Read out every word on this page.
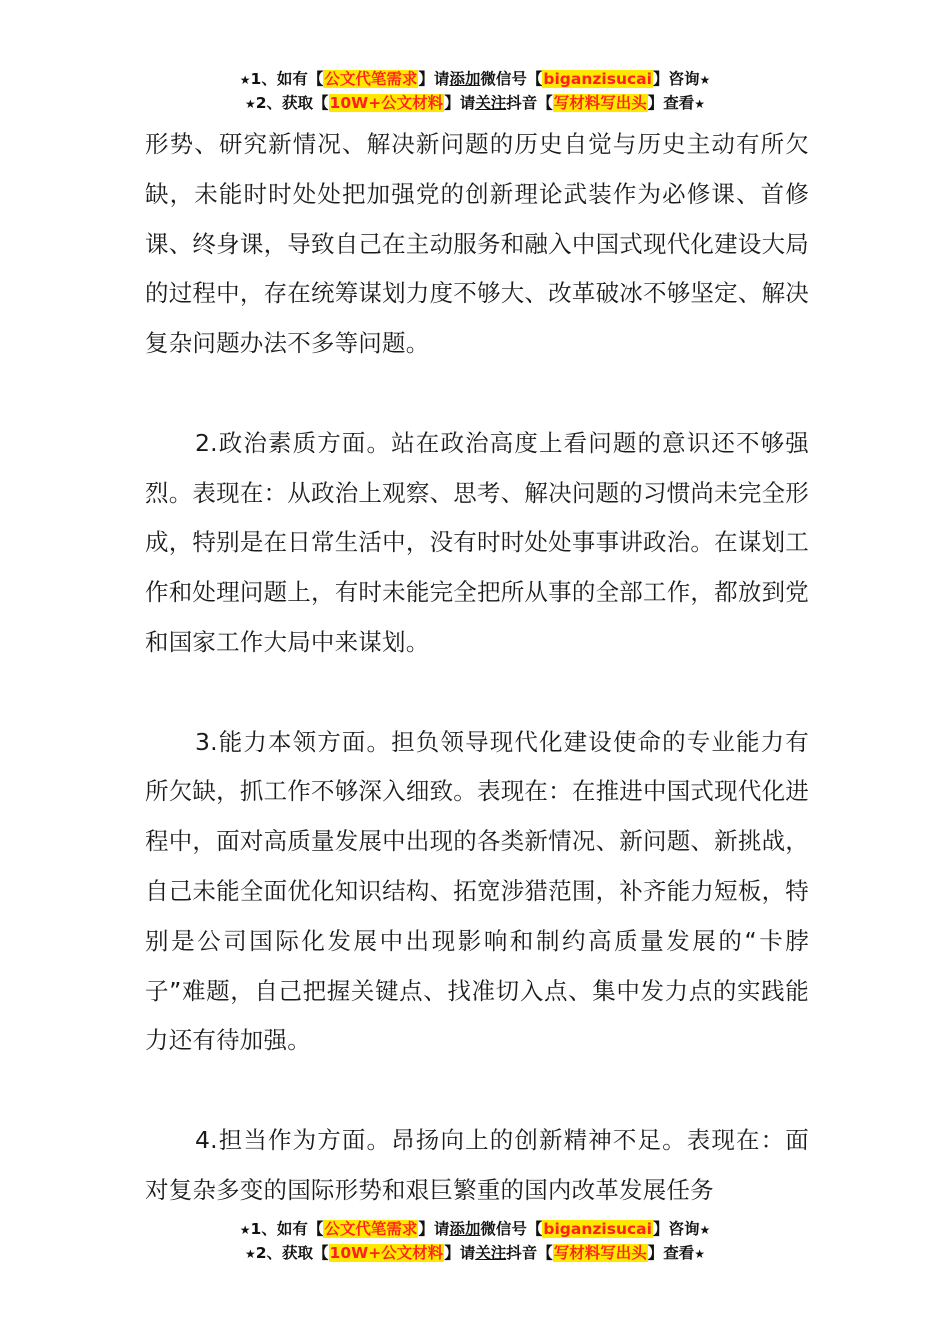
★1、如有【公文代笔需求】请添加微信号【biganzisucai】咨询★
★2、获取【10W+公文材料】请关注抖音【写材料写出头】查看★

形势、研究新情况、解决新问题的历史自觉与历史主动有所欠缺，未能时时处处把加强党的创新理论武装作为必修课、首修课、终身课，导致自己在主动服务和融入中国式现代化建设大局的过程中，存在统筹谋划力度不够大、改革破冰不够坚定、解决复杂问题办法不多等问题。

2.政治素质方面。站在政治高度上看问题的意识还不够强烈。表现在：从政治上观察、思考、解决问题的习惯尚未完全形成，特别是在日常生活中，没有时时处处事事讲政治。在谋划工作和处理问题上，有时未能完全把所从事的全部工作，都放到党和国家工作大局中来谋划。

3.能力本领方面。担负领导现代化建设使命的专业能力有所欠缺，抓工作不够深入细致。表现在：在推进中国式现代化进程中，面对高质量发展中出现的各类新情况、新问题、新挑战，自己未能全面优化知识结构、拓宽涉猎范围，补齐能力短板，特别是公司国际化发展中出现影响和制约高质量发展的“卡脖子”难题，自己把握关键点、找准切入点、集中发力点的实践能力还有待加强。

4.担当作为方面。昂扬向上的创新精神不足。表现在：面对复杂多变的国际形势和艰巨繁重的国内改革发展任务

★1、如有【公文代笔需求】请添加微信号【biganzisucai】咨询★
★2、获取【10W+公文材料】请关注抖音【写材料写出头】查看★
